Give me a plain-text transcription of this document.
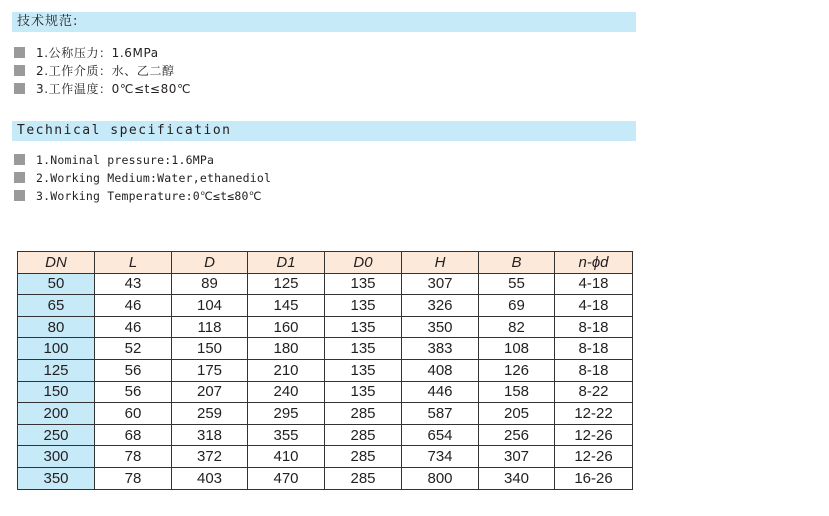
技术规范:
1.公称压力：1.6MPa
2.工作介质：水、乙二醇
3.工作温度：0℃≤t≤80℃
Technical specification
1.Nominal pressure:1.6MPa
2.Working Medium:Water,ethanediol
3.Working Temperature:0℃≤t≤80℃
DN	L	D	D1	D0	H	B	n-ϕd
50	43	89	125	135	307	55	4-18
65	46	104	145	135	326	69	4-18
80	46	118	160	135	350	82	8-18
100	52	150	180	135	383	108	8-18
125	56	175	210	135	408	126	8-18
150	56	207	240	135	446	158	8-22
200	60	259	295	285	587	205	12-22
250	68	318	355	285	654	256	12-26
300	78	372	410	285	734	307	12-26
350	78	403	470	285	800	340	16-26
